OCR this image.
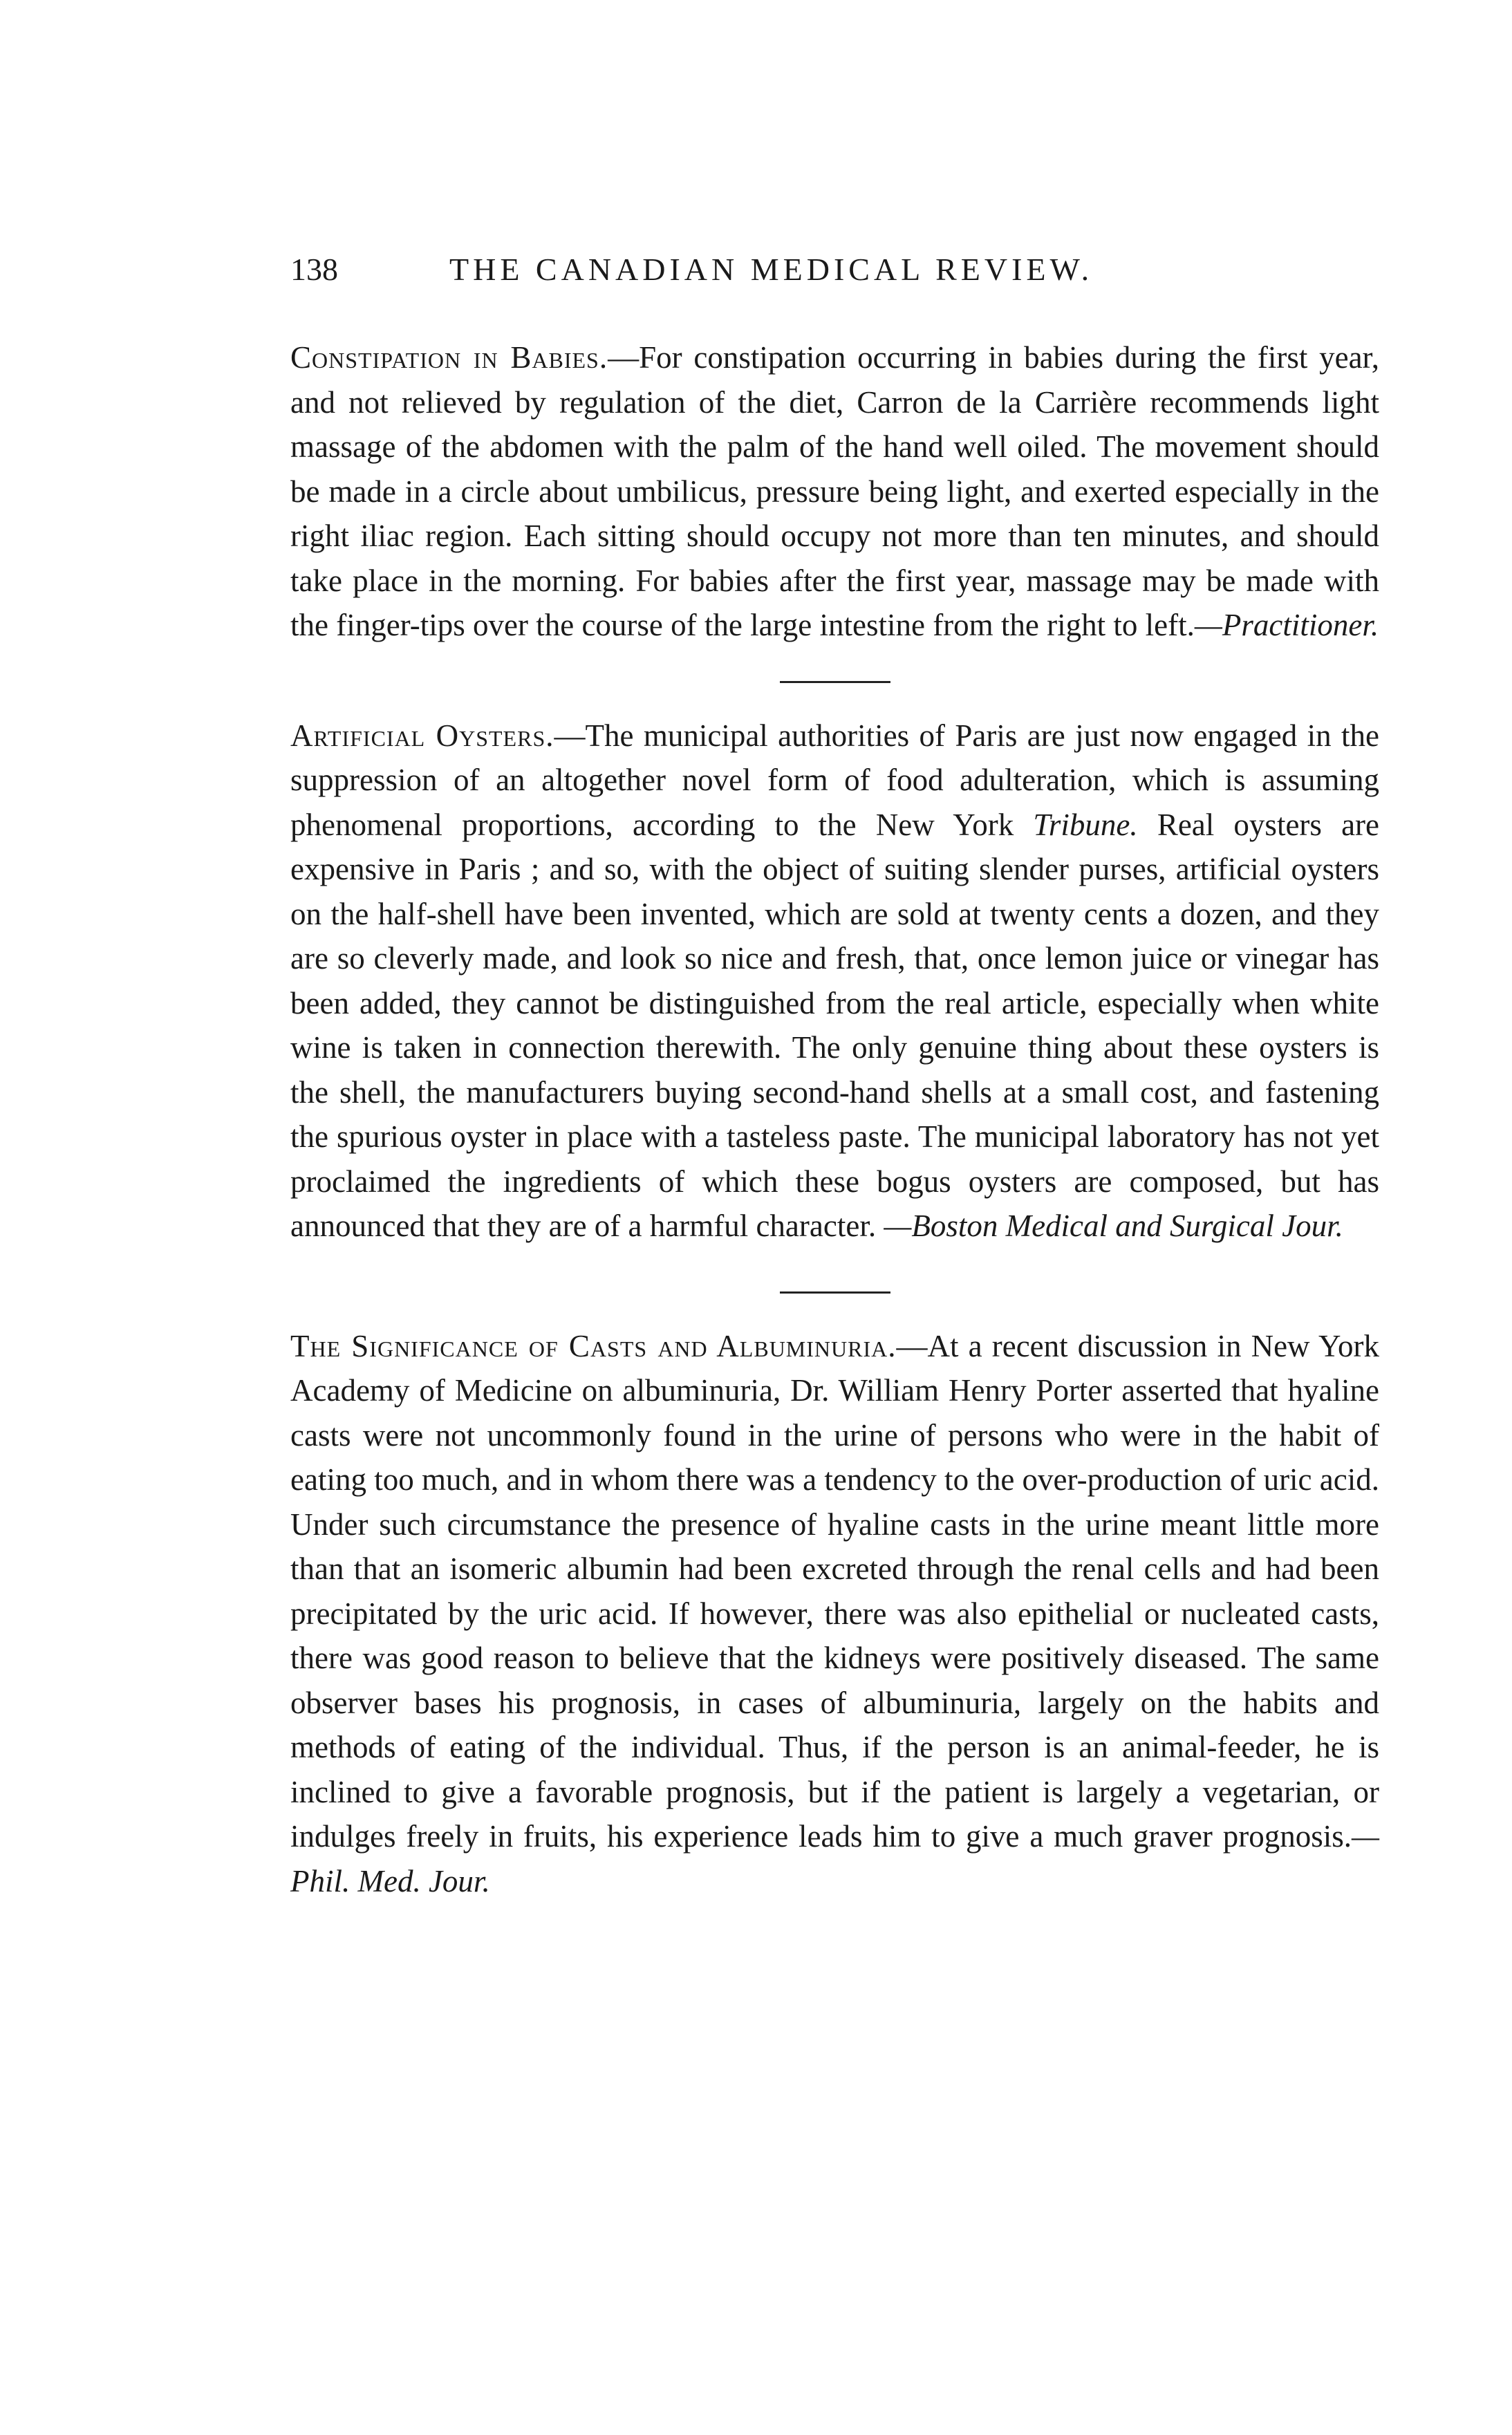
138	THE CANADIAN MEDICAL REVIEW.

Constipation in Babies.—For constipation occurring in babies during the first year, and not relieved by regulation of the diet, Carron de la Carrière recommends light massage of the abdomen with the palm of the hand well oiled. The movement should be made in a circle about umbilicus, pressure being light, and exerted especially in the right iliac region. Each sitting should occupy not more than ten minutes, and should take place in the morning. For babies after the first year, massage may be made with the finger-tips over the course of the large intestine from the right to left.—Practitioner.

Artificial Oysters.—The municipal authorities of Paris are just now engaged in the suppression of an altogether novel form of food adulteration, which is assuming phenomenal proportions, according to the New York Tribune. Real oysters are expensive in Paris ; and so, with the object of suiting slender purses, artificial oysters on the half-shell have been invented, which are sold at twenty cents a dozen, and they are so cleverly made, and look so nice and fresh, that, once lemon juice or vinegar has been added, they cannot be distinguished from the real article, especially when white wine is taken in connection therewith. The only genuine thing about these oysters is the shell, the manufacturers buying second-hand shells at a small cost, and fastening the spurious oyster in place with a tasteless paste. The municipal laboratory has not yet proclaimed the ingredients of which these bogus oysters are composed, but has announced that they are of a harmful character. —Boston Medical and Surgical Jour.

The Significance of Casts and Albuminuria.—At a recent discussion in New York Academy of Medicine on albuminuria, Dr. William Henry Porter asserted that hyaline casts were not uncommonly found in the urine of persons who were in the habit of eating too much, and in whom there was a tendency to the over-production of uric acid. Under such circumstance the presence of hyaline casts in the urine meant little more than that an isomeric albumin had been excreted through the renal cells and had been precipitated by the uric acid. If however, there was also epithelial or nucleated casts, there was good reason to believe that the kidneys were positively diseased. The same observer bases his prognosis, in cases of albuminuria, largely on the habits and methods of eating of the individual. Thus, if the person is an animal-feeder, he is inclined to give a favorable prognosis, but if the patient is largely a vegetarian, or indulges freely in fruits, his experience leads him to give a much graver prognosis.—Phil. Med. Jour.
